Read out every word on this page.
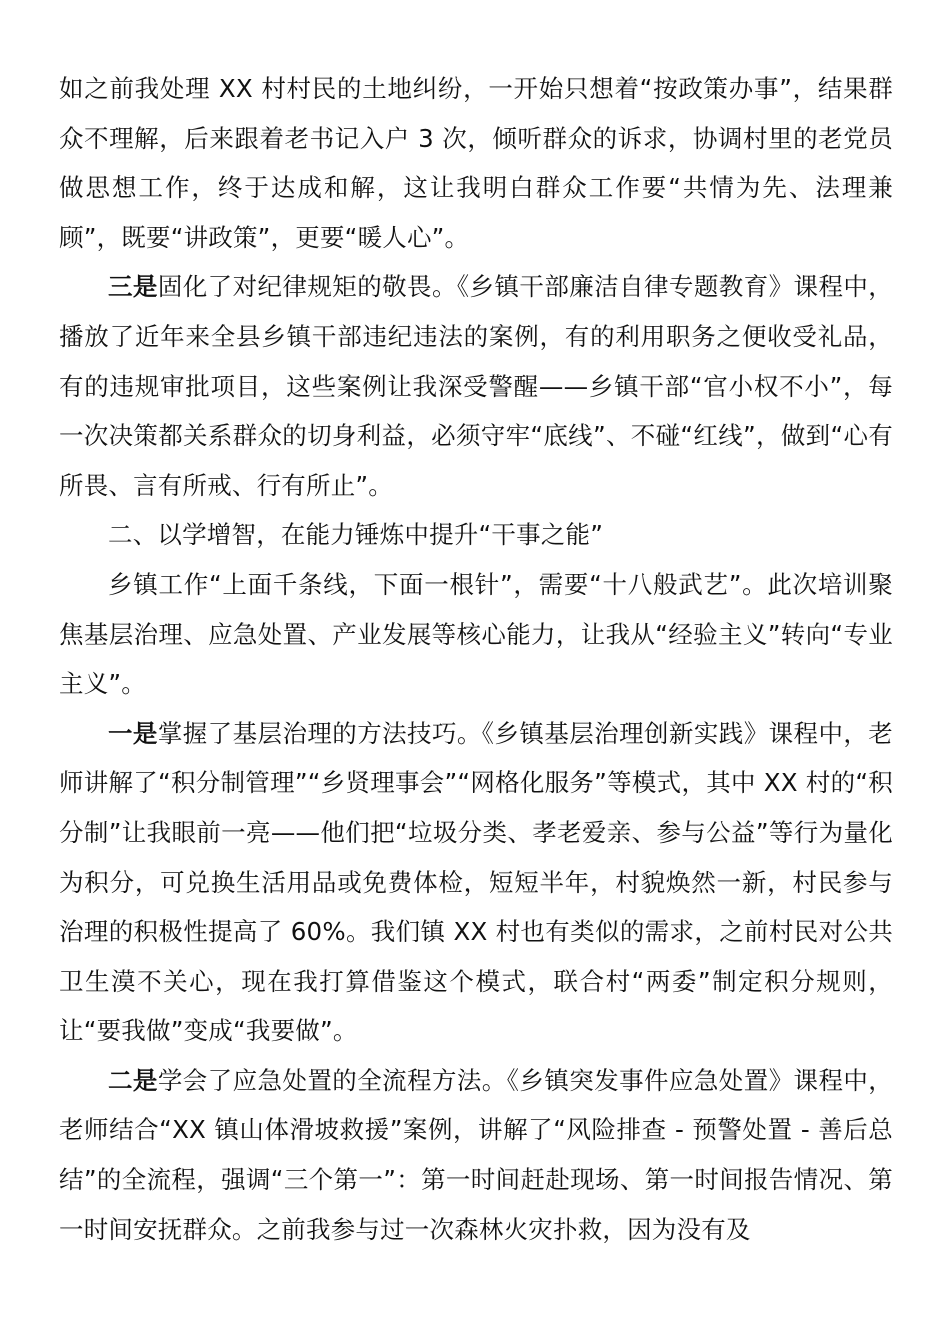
如之前我处理 XX 村村民的土地纠纷，一开始只想着“按政策办事”，结果群众不理解，后来跟着老书记入户 3 次，倾听群众的诉求，协调村里的老党员做思想工作，终于达成和解，这让我明白群众工作要“共情为先、法理兼顾”，既要“讲政策”，更要“暖人心”。

三是固化了对纪律规矩的敬畏。《乡镇干部廉洁自律专题教育》课程中，播放了近年来全县乡镇干部违纪违法的案例，有的利用职务之便收受礼品，有的违规审批项目，这些案例让我深受警醒——乡镇干部“官小权不小”，每一次决策都关系群众的切身利益，必须守牢“底线”、不碰“红线”，做到“心有所畏、言有所戒、行有所止”。

二、以学增智，在能力锤炼中提升“干事之能”

乡镇工作“上面千条线，下面一根针”，需要“十八般武艺”。此次培训聚焦基层治理、应急处置、产业发展等核心能力，让我从“经验主义”转向“专业主义”。

一是掌握了基层治理的方法技巧。《乡镇基层治理创新实践》课程中，老师讲解了“积分制管理”“乡贤理事会”“网格化服务”等模式，其中 XX 村的“积分制”让我眼前一亮——他们把“垃圾分类、孝老爱亲、参与公益”等行为量化为积分，可兑换生活用品或免费体检，短短半年，村貌焕然一新，村民参与治理的积极性提高了 60%。我们镇 XX 村也有类似的需求，之前村民对公共卫生漠不关心，现在我打算借鉴这个模式，联合村“两委”制定积分规则，让“要我做”变成“我要做”。

二是学会了应急处置的全流程方法。《乡镇突发事件应急处置》课程中，老师结合“XX 镇山体滑坡救援”案例，讲解了“风险排查 - 预警处置 - 善后总结”的全流程，强调“三个第一”：第一时间赶赴现场、第一时间报告情况、第一时间安抚群众。之前我参与过一次森林火灾扑救，因为没有及
